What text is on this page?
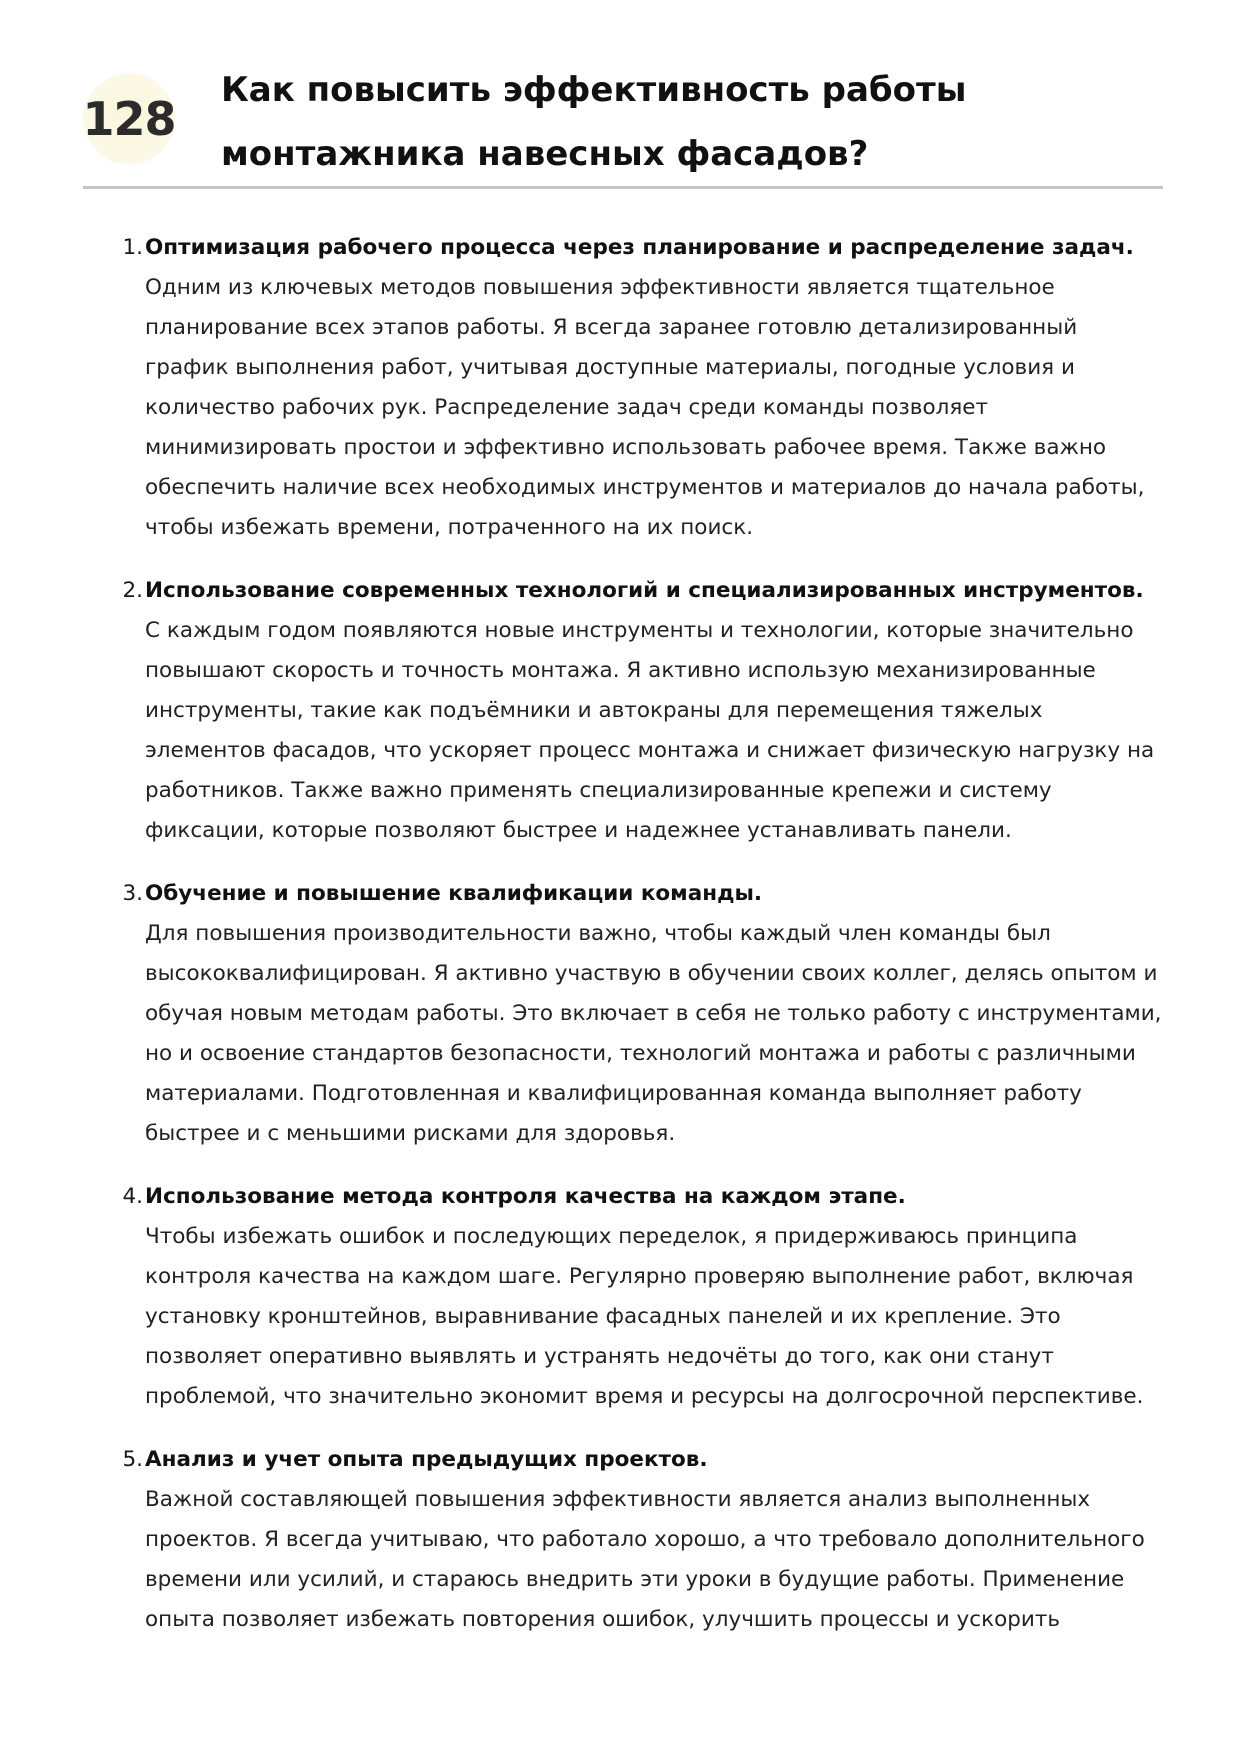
128
Как повысить эффективность работы монтажника навесных фасадов?
1. Оптимизация рабочего процесса через планирование и распределение задач.
Одним из ключевых методов повышения эффективности является тщательное планирование всех этапов работы. Я всегда заранее готовлю детализированный график выполнения работ, учитывая доступные материалы, погодные условия и количество рабочих рук. Распределение задач среди команды позволяет минимизировать простои и эффективно использовать рабочее время. Также важно обеспечить наличие всех необходимых инструментов и материалов до начала работы, чтобы избежать времени, потраченного на их поиск.
2. Использование современных технологий и специализированных инструментов.
С каждым годом появляются новые инструменты и технологии, которые значительно повышают скорость и точность монтажа. Я активно использую механизированные инструменты, такие как подъёмники и автокраны для перемещения тяжелых элементов фасадов, что ускоряет процесс монтажа и снижает физическую нагрузку на работников. Также важно применять специализированные крепежи и систему фиксации, которые позволяют быстрее и надежнее устанавливать панели.
3. Обучение и повышение квалификации команды.
Для повышения производительности важно, чтобы каждый член команды был высококвалифицирован. Я активно участвую в обучении своих коллег, делясь опытом и обучая новым методам работы. Это включает в себя не только работу с инструментами, но и освоение стандартов безопасности, технологий монтажа и работы с различными материалами. Подготовленная и квалифицированная команда выполняет работу быстрее и с меньшими рисками для здоровья.
4. Использование метода контроля качества на каждом этапе.
Чтобы избежать ошибок и последующих переделок, я придерживаюсь принципа контроля качества на каждом шаге. Регулярно проверяю выполнение работ, включая установку кронштейнов, выравнивание фасадных панелей и их крепление. Это позволяет оперативно выявлять и устранять недочёты до того, как они станут проблемой, что значительно экономит время и ресурсы на долгосрочной перспективе.
5. Анализ и учет опыта предыдущих проектов.
Важной составляющей повышения эффективности является анализ выполненных проектов. Я всегда учитываю, что работало хорошо, а что требовало дополнительного времени или усилий, и стараюсь внедрить эти уроки в будущие работы. Применение опыта позволяет избежать повторения ошибок, улучшить процессы и ускорить
